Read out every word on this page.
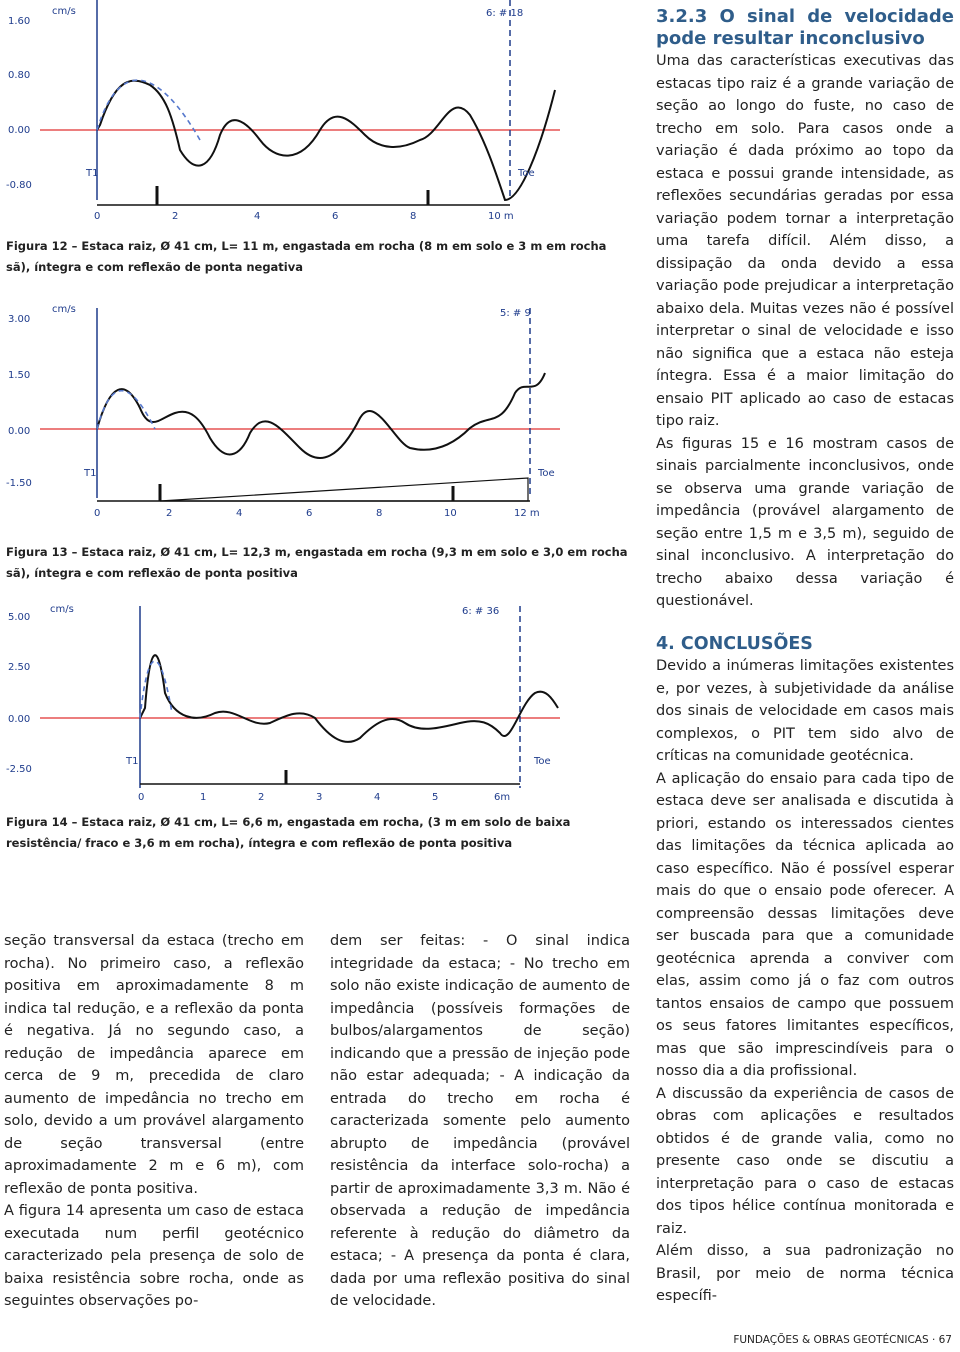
cm/s	6: # 18
1.60
0.80
0.00
-0.80
T1	Toe
0	2	4	6	8	10 m
Figura 12 – Estaca raiz, Ø 41 cm, L= 11 m, engastada em rocha (8 m em solo e 3 m em rocha sã), íntegra e com reflexão de ponta negativa
cm/s	5: # 9
3.00
1.50
0.00
-1.50
T1	Toe
0	2	4	6	8	10	12 m
Figura 13 – Estaca raiz, Ø 41 cm, L= 12,3 m, engastada em rocha (9,3 m em solo e 3,0 em rocha sã), íntegra e com reflexão de ponta positiva
cm/s	6: # 36
5.00
2.50
0.00
-2.50
T1	Toe
0	1	2	3	4	5	6m
Figura 14 – Estaca raiz, Ø 41 cm, L= 6,6 m, engastada em rocha, (3 m em solo de baixa resistência/ fraco e 3,6 m em rocha), íntegra e com reflexão de ponta positiva

seção transversal da estaca (trecho em rocha). No primeiro caso, a reflexão positiva em aproximadamente 8 m indica tal redução, e a reflexão da ponta é negativa. Já no segundo caso, a redução de impedância aparece em cerca de 9 m, precedida de claro aumento de impedância no trecho em solo, devido a um provável alargamento de seção transversal (entre aproximadamente 2 m e 6 m), com reflexão de ponta positiva.

A figura 14 apresenta um caso de estaca executada num perfil geotécnico caracterizado pela presença de solo de baixa resistência sobre rocha, onde as seguintes observações po-

dem ser feitas: - O sinal indica integridade da estaca; - No trecho em solo não existe indicação de aumento de impedância (possíveis formações de bulbos/alargamentos de seção) indicando que a pressão de injeção pode não estar adequada; - A indicação da entrada do trecho em rocha é caracterizada somente pelo aumento abrupto de impedância (provável resistência da interface solo-rocha) a partir de aproximadamente 3,3 m. Não é observada a redução de impedância referente à redução do diâmetro da estaca; - A presença da ponta é clara, dada por uma reflexão positiva do sinal de velocidade.

3.2.3 O sinal de velocidade pode resultar inconclusivo

Uma das características executivas das estacas tipo raiz é a grande variação de seção ao longo do fuste, no caso de trecho em solo. Para casos onde a variação é dada próximo ao topo da estaca e possui grande intensidade, as reflexões secundárias geradas por essa variação podem tornar a interpretação uma tarefa difícil. Além disso, a dissipação da onda devido a essa variação pode prejudicar a interpretação abaixo dela. Muitas vezes não é possível interpretar o sinal de velocidade e isso não significa que a estaca não esteja íntegra. Essa é a maior limitação do ensaio PIT aplicado ao caso de estacas tipo raiz.

As figuras 15 e 16 mostram casos de sinais parcialmente inconclusivos, onde se observa uma grande variação de impedância (provável alargamento de seção entre 1,5 m e 3,5 m), seguido de sinal inconclusivo. A interpretação do trecho abaixo dessa variação é questionável.

4. CONCLUSÕES

Devido a inúmeras limitações existentes e, por vezes, à subjetividade da análise dos sinais de velocidade em casos mais complexos, o PIT tem sido alvo de críticas na comunidade geotécnica.

A aplicação do ensaio para cada tipo de estaca deve ser analisada e discutida à priori, estando os interessados cientes das limitações da técnica aplicada ao caso específico. Não é possível esperar mais do que o ensaio pode oferecer. A compreensão dessas limitações deve ser buscada para que a comunidade geotécnica aprenda a conviver com elas, assim como já o faz com outros tantos ensaios de campo que possuem os seus fatores limitantes específicos, mas que são imprescindíveis para o nosso dia a dia profissional.

A discussão da experiência de casos de obras com aplicações e resultados obtidos é de grande valia, como no presente caso onde se discutiu a interpretação para o caso de estacas dos tipos hélice contínua monitorada e raiz.

Além disso, a sua padronização no Brasil, por meio de norma técnica específi-

FUNDAÇÕES & OBRAS GEOTÉCNICAS · 67
